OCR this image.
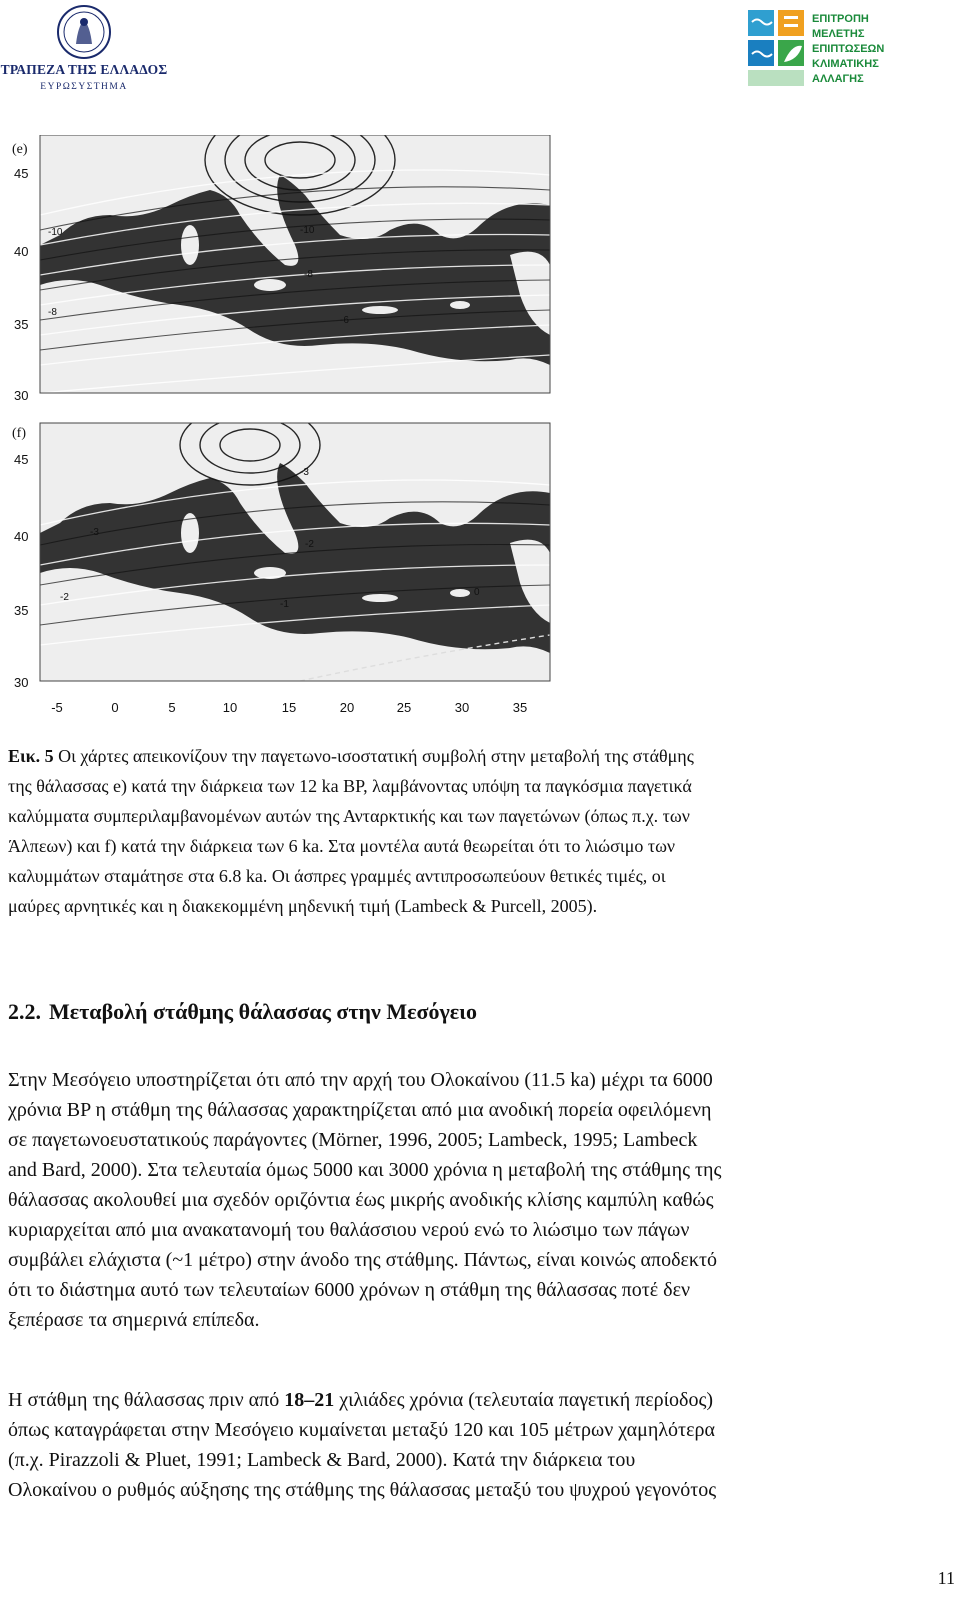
ΤΡΑΠΕΖΑ ΤΗΣ ΕΛΛΑΔΟΣ
ΕΥΡΩΣΥΣΤΗΜΑ
ΕΠΙΤΡΟΠΗ
ΜΕΛΕΤΗΣ
ΕΠΙΠΤΩΣΕΩΝ
ΚΛΙΜΑΤΙΚΗΣ
ΑΛΛΑΓΗΣ
-10	-10
-8
-8
-6
(e)
45
40
35
30
-3
-3
-2
-2
-1
0
(f)
45
40
35
30
-5	0	5	10	15	20	25	30	35
Εικ. 5 Οι χάρτες απεικονίζουν την παγετωνο-ισοστατική συμβολή στην μεταβολή της στάθμης
της θάλασσας e) κατά την διάρκεια των 12 ka BP, λαμβάνοντας υπόψη τα παγκόσμια παγετικά
καλύμματα συμπεριλαμβανομένων αυτών της Ανταρκτικής και των παγετώνων (όπως π.χ. των
Άλπεων) και f) κατά την διάρκεια των 6 ka. Στα μοντέλα αυτά θεωρείται ότι το λιώσιμο των
καλυμμάτων σταμάτησε στα 6.8 ka. Οι άσπρες γραμμές αντιπροσωπεύουν θετικές τιμές, οι
μαύρες αρνητικές και η διακεκομμένη μηδενική τιμή (Lambeck & Purcell, 2005).
2.2. Μεταβολή στάθμης θάλασσας στην Μεσόγειο
Στην Μεσόγειο υποστηρίζεται ότι από την αρχή του Ολοκαίνου (11.5 ka) μέχρι τα 6000
χρόνια BP η στάθμη της θάλασσας χαρακτηρίζεται από μια ανοδική πορεία οφειλόμενη
σε παγετωνοευστατικούς παράγοντες (Mörner, 1996, 2005; Lambeck, 1995; Lambeck
and Bard, 2000). Στα τελευταία όμως 5000 και 3000 χρόνια η μεταβολή της στάθμης της
θάλασσας ακολουθεί μια σχεδόν οριζόντια έως μικρής ανοδικής κλίσης καμπύλη καθώς
κυριαρχείται από μια ανακατανομή του θαλάσσιου νερού ενώ το λιώσιμο των πάγων
συμβάλει ελάχιστα (~1 μέτρο) στην άνοδο της στάθμης. Πάντως, είναι κοινώς αποδεκτό
ότι το διάστημα αυτό των τελευταίων 6000 χρόνων η στάθμη της θάλασσας ποτέ δεν
ξεπέρασε τα σημερινά επίπεδα.
Η στάθμη της θάλασσας πριν από 18–21 χιλιάδες χρόνια (τελευταία παγετική περίοδος)
όπως καταγράφεται στην Μεσόγειο κυμαίνεται μεταξύ 120 και 105 μέτρων χαμηλότερα
(π.χ. Pirazzoli & Pluet, 1991; Lambeck & Bard, 2000). Κατά την διάρκεια του
Ολοκαίνου ο ρυθμός αύξησης της στάθμης της θάλασσας μεταξύ του ψυχρού γεγονότος
11
